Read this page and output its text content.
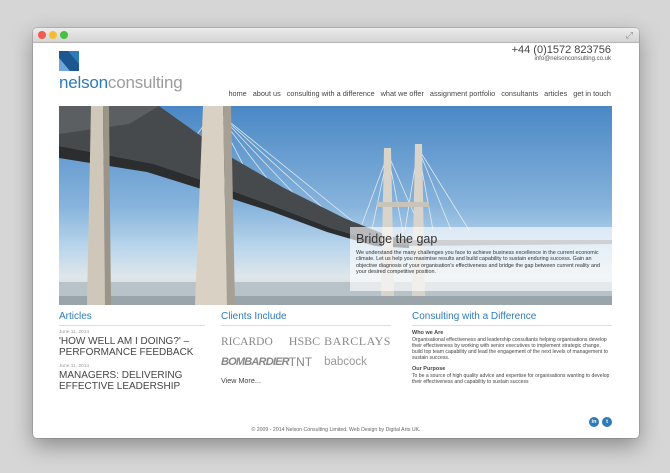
⤢
nelsonconsulting
+44 (0)1572 823756
info@nelsonconsulting.co.uk
home about us consulting with a difference what we offer assignment portfolio consultants articles get in touch
Bridge the gap

We understand the many challenges you face to achieve business excellence in the current economic climate. Let us help you maximise results and build capability to sustain enduring success. Gain an objective diagnosis of your organisation's effectiveness and bridge the gap between current reality and your desired competitive position.

Articles
June 11, 2014
'HOW WELL AM I DOING?' – PERFORMANCE FEEDBACK
June 11, 2014
MANAGERS: DELIVERING EFFECTIVE LEADERSHIP
Clients Include
RICARDO	HSBC BARCLAYS
BOMBARDIER TNT	babcock
View More...
Consulting with a Difference
Who we Are
Organisational effectiveness and leadership consultants helping organisations develop their effectiveness by working with senior executives to implement strategic change, build top team capability and lead the engagement of the next levels of management to sustain success.
Our Purpose
To be a source of high quality advice and expertise for organisations wanting to develop their effectiveness and capability to sustain success
in	t
© 2009 - 2014 Nelson Consulting Limited. Web Design by Digital Arts UK.
